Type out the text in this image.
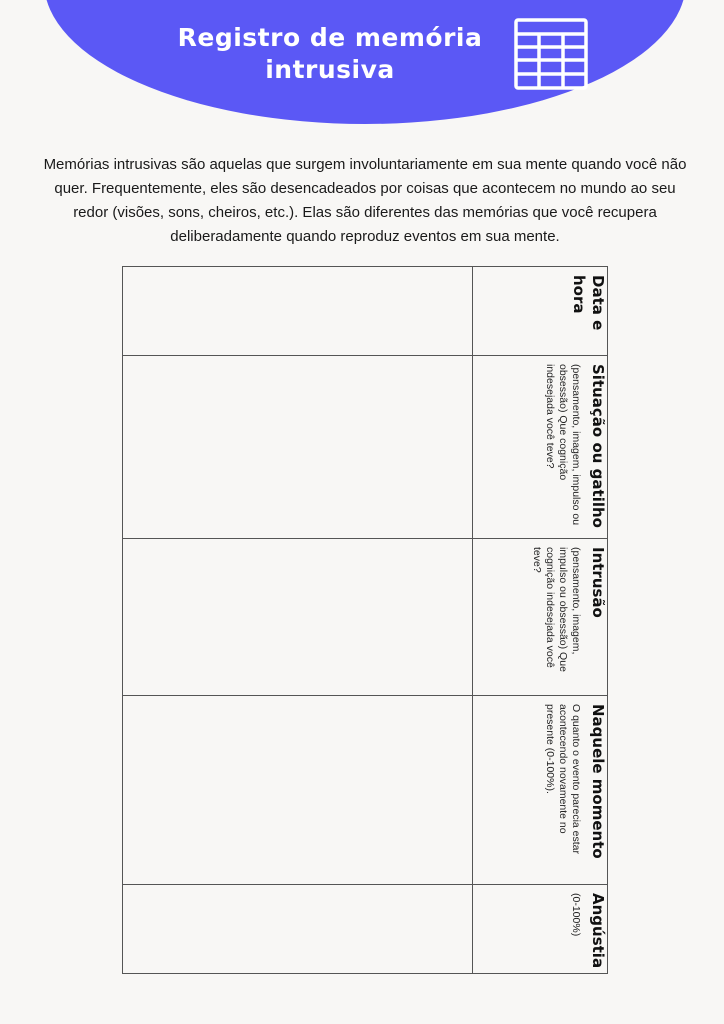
Registro de memória
intrusiva

Memórias intrusivas são aquelas que surgem involuntariamente em sua mente quando você não quer. Frequentemente, eles são desencadeados por coisas que acontecem no mundo ao seu redor (visões, sons, cheiros, etc.). Elas são diferentes das memórias que você recupera deliberadamente quando reproduz eventos em sua mente.

Data e hora
Situação ou gatilho
(pensamento, imagem, impulso ou obsessão) Que cognição indesejada você teve?
Intrusão
(pensamento, imagem, impulso ou obsessão) Que cognição indesejada você teve?
Naquele momento
O quanto o evento parecia estar acontecendo novamente no presente (0-100%).
Angústia
(0-100%)
